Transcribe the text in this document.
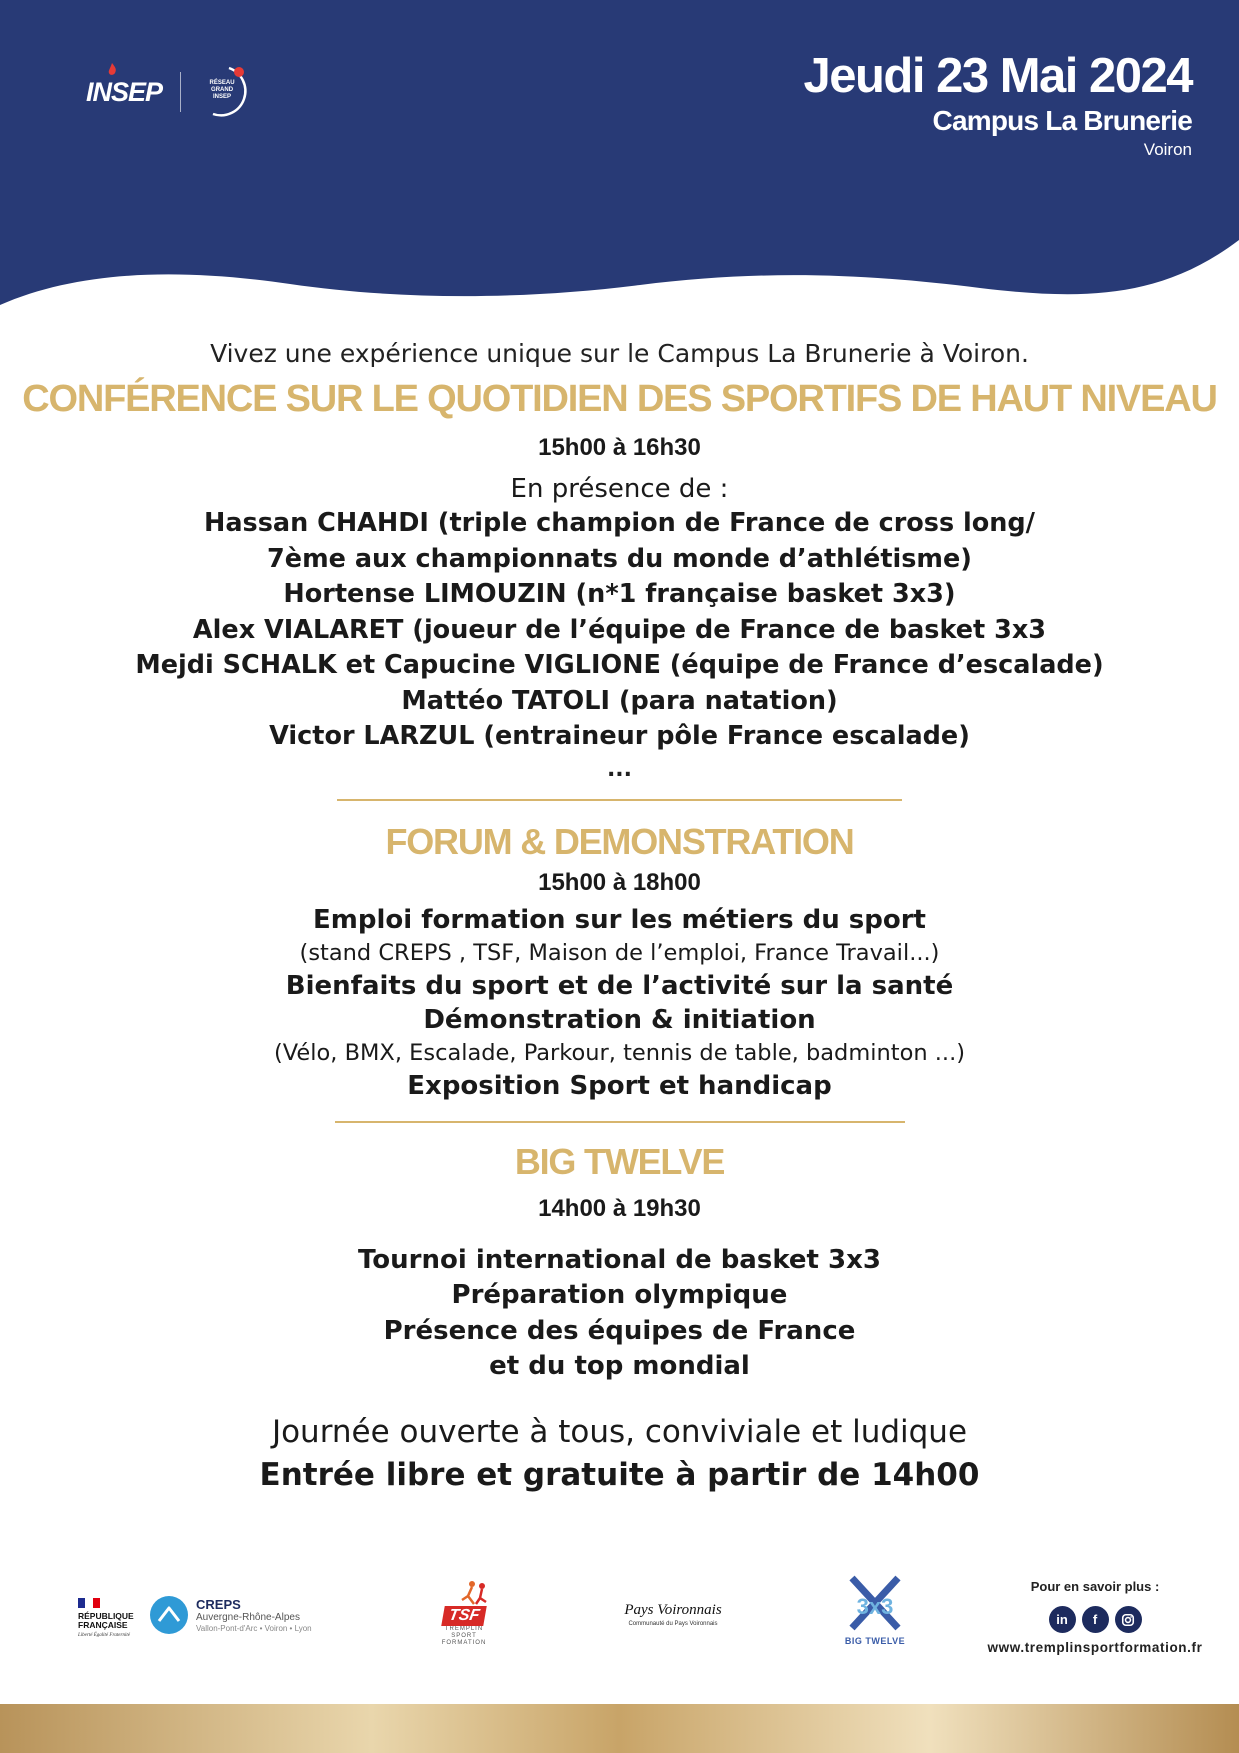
INSEP	RÉSEAU GRAND INSEP	Jeudi 23 Mai 2024
Campus La Brunerie
Voiron
Vivez une expérience unique sur le Campus La Brunerie à Voiron.
CONFÉRENCE SUR LE QUOTIDIEN DES SPORTIFS DE HAUT NIVEAU
15h00 à 16h30
En présence de :
Hassan CHAHDI (triple champion de France de cross long/
7ème aux championnats du monde d’athlétisme)
Hortense LIMOUZIN (n*1 française basket 3x3)
Alex VIALARET (joueur de l’équipe de France de basket 3x3
Mejdi SCHALK et Capucine VIGLIONE (équipe de France d’escalade)
Mattéo TATOLI (para natation)
Victor LARZUL (entraineur pôle France escalade)
...
FORUM & DEMONSTRATION
15h00 à 18h00
Emploi formation sur les métiers du sport
(stand CREPS , TSF, Maison de l’emploi, France Travail...)
Bienfaits du sport et de l’activité sur la santé
Démonstration & initiation
(Vélo, BMX, Escalade, Parkour, tennis de table, badminton ...)
Exposition Sport et handicap
BIG TWELVE
14h00 à 19h30
Tournoi international de basket 3x3
Préparation olympique
Présence des équipes de France
et du top mondial
Journée ouverte à tous, conviviale et ludique
Entrée libre et gratuite à partir de 14h00
RÉPUBLIQUE
FRANÇAISE
Liberté Égalité Fraternité
CREPS
Auvergne-Rhône-Alpes
Vallon-Pont-d'Arc • Voiron • Lyon
TSF
TREMPLIN SPORT FORMATION
Pays Voironnais
Communauté du Pays Voironnais
3x3
BIG TWELVE
Pour en savoir plus :
in	f
www.tremplinsportformation.fr
